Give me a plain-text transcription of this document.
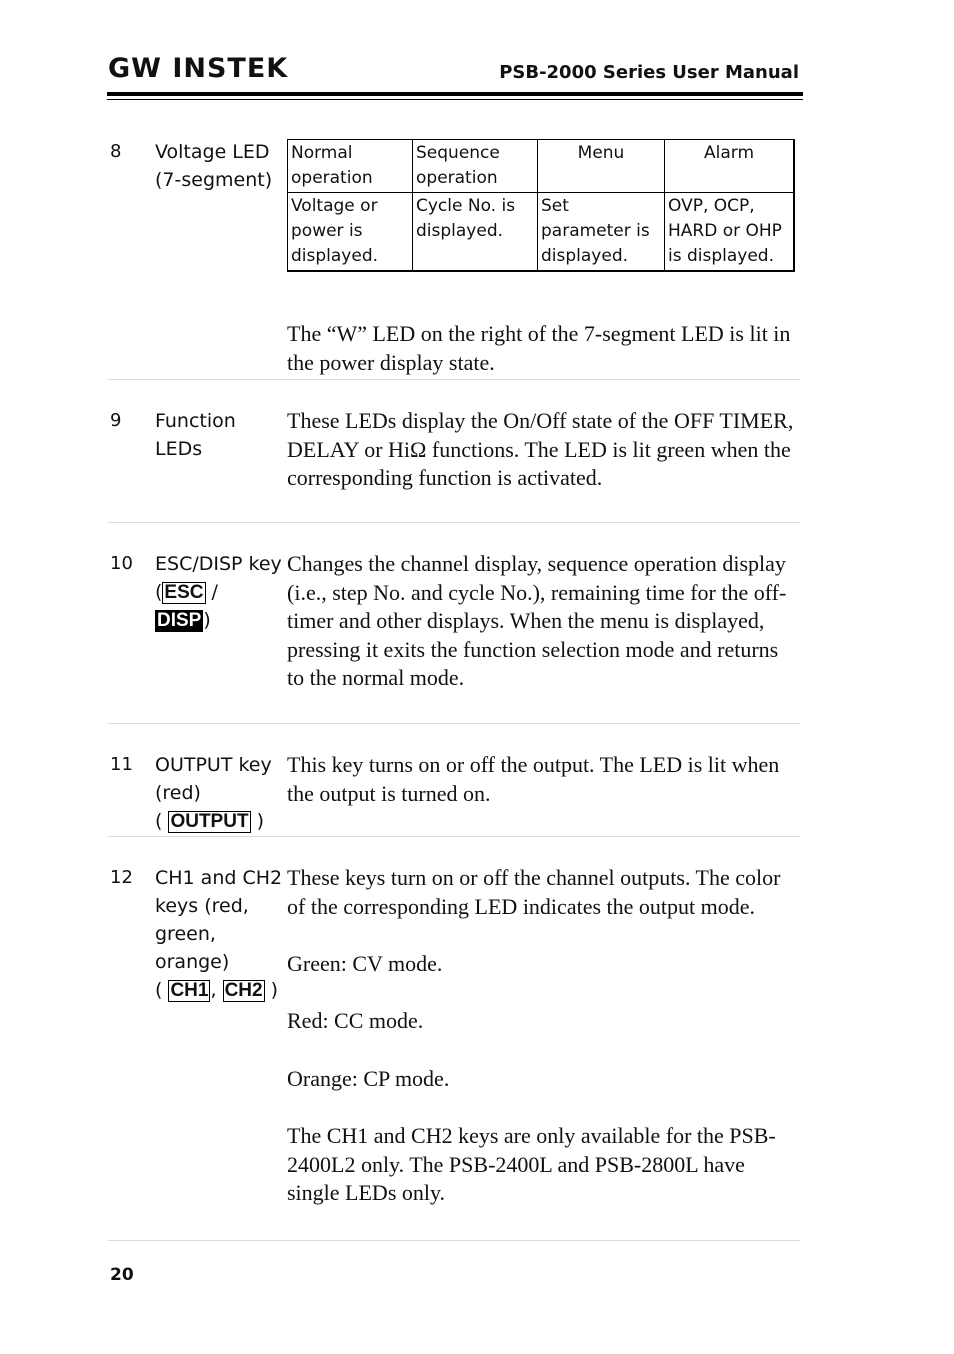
GW INSTEK	PSB-2000 Series User Manual
8 Voltage LED (7-segment)
Normal operation	Sequence operation	Menu	Alarm
Voltage or power is displayed.	Cycle No. is displayed.	Set parameter is displayed.	OVP, OCP, HARD or OHP is displayed.
The “W” LED on the right of the 7-segment LED is lit in the power display state.
9 Function LEDs
These LEDs display the On/Off state of the OFF TIMER, DELAY or HiΩ functions. The LED is lit green when the corresponding function is activated.
10 ESC/DISP key ( ESC /
DISP )
Changes the channel display, sequence operation display (i.e., step No. and cycle No.), remaining time for the off-timer and other displays. When the menu is displayed, pressing it exits the function selection mode and returns to the normal mode.
11 OUTPUT key (red)
( OUTPUT )
This key turns on or off the output. The LED is lit when the output is turned on.
12 CH1 and CH2 keys (red, green, orange)
( CH1 , CH2 )

These keys turn on or off the channel outputs. The color of the corresponding LED indicates the output mode.

Green: CV mode.

Red: CC mode.

Orange: CP mode.

The CH1 and CH2 keys are only available for the PSB-2400L2 only. The PSB-2400L and PSB-2800L have single LEDs only.

20
